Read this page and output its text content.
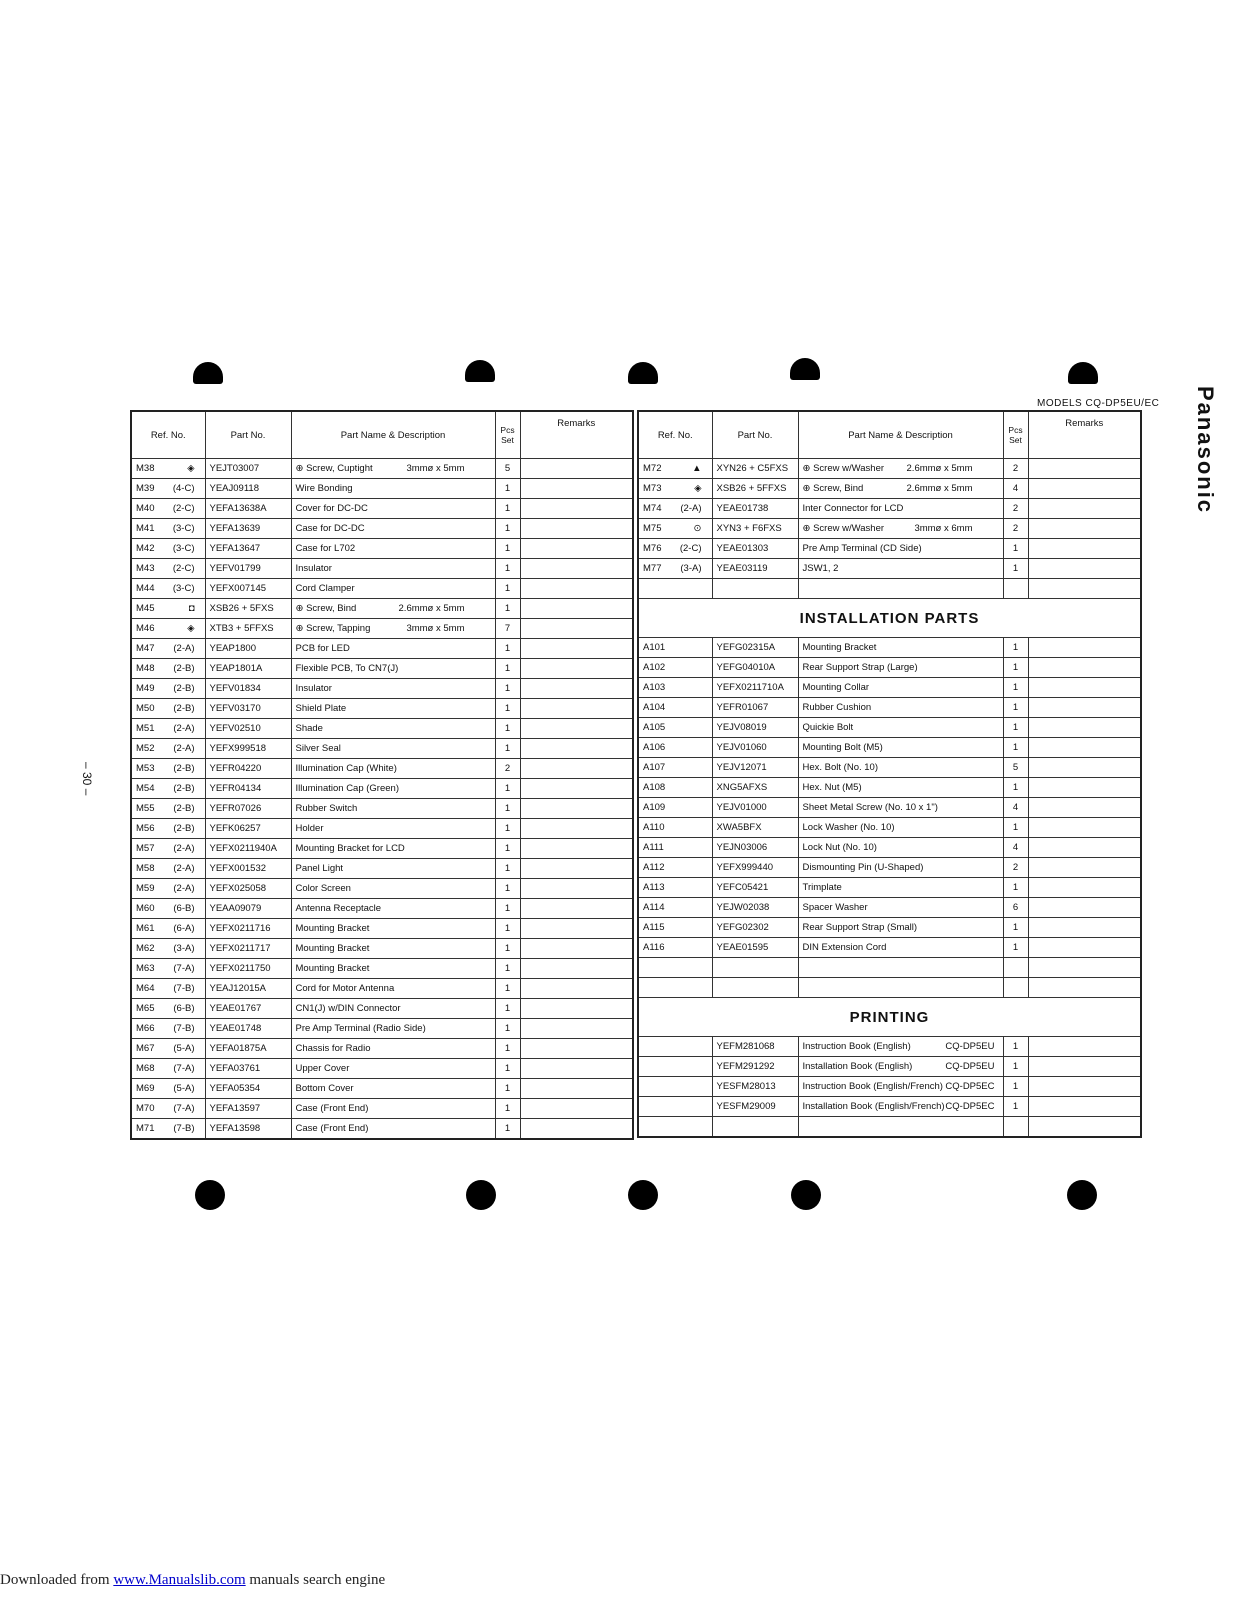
MODELS CQ-DP5EU/EC
– 30 –
Panasonic
Ref. No.	Part No.	Part Name & Description	Pcs Set	Remarks

M38 ◈	YEJT03007	⊕ Screw, Cuptight 3mmø x 5mm	5	

M39 (4-C)	YEAJ09118	Wire Bonding	1	

M40 (2-C)	YEFA13638A	Cover for DC-DC	1	

M41 (3-C)	YEFA13639	Case for DC-DC	1	

M42 (3-C)	YEFA13647	Case for L702	1	

M43 (2-C)	YEFV01799	Insulator	1	

M44 (3-C)	YEFX007145	Cord Clamper	1	

M45 ◘	XSB26 + 5FXS	⊕ Screw, Bind 2.6mmø x 5mm	1	

M46 ◈	XTB3 + 5FFXS	⊕ Screw, Tapping 3mmø x 5mm	7	

M47 (2-A)	YEAP1800	PCB for LED	1	

M48 (2-B)	YEAP1801A	Flexible PCB, To CN7(J)	1	

M49 (2-B)	YEFV01834	Insulator	1	

M50 (2-B)	YEFV03170	Shield Plate	1	

M51 (2-A)	YEFV02510	Shade	1	

M52 (2-A)	YEFX999518	Silver Seal	1	

M53 (2-B)	YEFR04220	Illumination Cap (White)	2	

M54 (2-B)	YEFR04134	Illumination Cap (Green)	1	

M55 (2-B)	YEFR07026	Rubber Switch	1	

M56 (2-B)	YEFK06257	Holder	1	

M57 (2-A)	YEFX0211940A	Mounting Bracket for LCD	1	

M58 (2-A)	YEFX001532	Panel Light	1	

M59 (2-A)	YEFX025058	Color Screen	1	

M60 (6-B)	YEAA09079	Antenna Receptacle	1	

M61 (6-A)	YEFX0211716	Mounting Bracket	1	

M62 (3-A)	YEFX0211717	Mounting Bracket	1	

M63 (7-A)	YEFX0211750	Mounting Bracket	1	

M64 (7-B)	YEAJ12015A	Cord for Motor Antenna	1	

M65 (6-B)	YEAE01767	CN1(J) w/DIN Connector	1	

M66 (7-B)	YEAE01748	Pre Amp Terminal (Radio Side)	1	

M67 (5-A)	YEFA01875A	Chassis for Radio	1	

M68 (7-A)	YEFA03761	Upper Cover	1	

M69 (5-A)	YEFA05354	Bottom Cover	1	

M70 (7-A)	YEFA13597	Case (Front End)	1	

M71 (7-B)	YEFA13598	Case (Front End)	1	
Ref. No.	Part No.	Part Name & Description	Pcs Set	Remarks

M72 ▲	XYN26 + C5FXS	⊕ Screw w/Washer 2.6mmø x 5mm	2	

M73 ◈	XSB26 + 5FFXS	⊕ Screw, Bind 2.6mmø x 5mm	4	

M74 (2-A)	YEAE01738	Inter Connector for LCD	2	

M75 ⊙	XYN3 + F6FXS	⊕ Screw w/Washer 3mmø x 6mm	2	

M76 (2-C)	YEAE01303	Pre Amp Terminal (CD Side)	1	

M77 (3-A)	YEAE03119	JSW1, 2	1	

INSTALLATION PARTS				
A101	YEFG02315A	Mounting Bracket	1	
A102	YEFG04010A	Rear Support Strap (Large)	1	
A103	YEFX0211710A	Mounting Collar	1	
A104	YEFR01067	Rubber Cushion	1	
A105	YEJV08019	Quickie Bolt	1	
A106	YEJV01060	Mounting Bolt (M5)	1	
A107	YEJV12071	Hex. Bolt (No. 10)	5	
A108	XNG5AFXS	Hex. Nut (M5)	1	
A109	YEJV01000	Sheet Metal Screw (No. 10 x 1")	4	
A110	XWA5BFX	Lock Washer (No. 10)	1	
A111	YEJN03006	Lock Nut (No. 10)	4	
A112	YEFX999440	Dismounting Pin (U-Shaped)	2	
A113	YEFC05421	Trimplate	1	
A114	YEJW02038	Spacer Washer	6	
A115	YEFG02302	Rear Support Strap (Small)	1	
A116	YEAE01595	DIN Extension Cord	1	

PRINTING				
	YEFM281068	Instruction Book (English) CQ-DP5EU	1	
	YEFM291292	Installation Book (English) CQ-DP5EU	1	
	YESFM28013	Instruction Book (English/French) CQ-DP5EC	1	
	YESFM29009	Installation Book (English/French) CQ-DP5EC	1	

Downloaded from www.Manualslib.com manuals search engine
